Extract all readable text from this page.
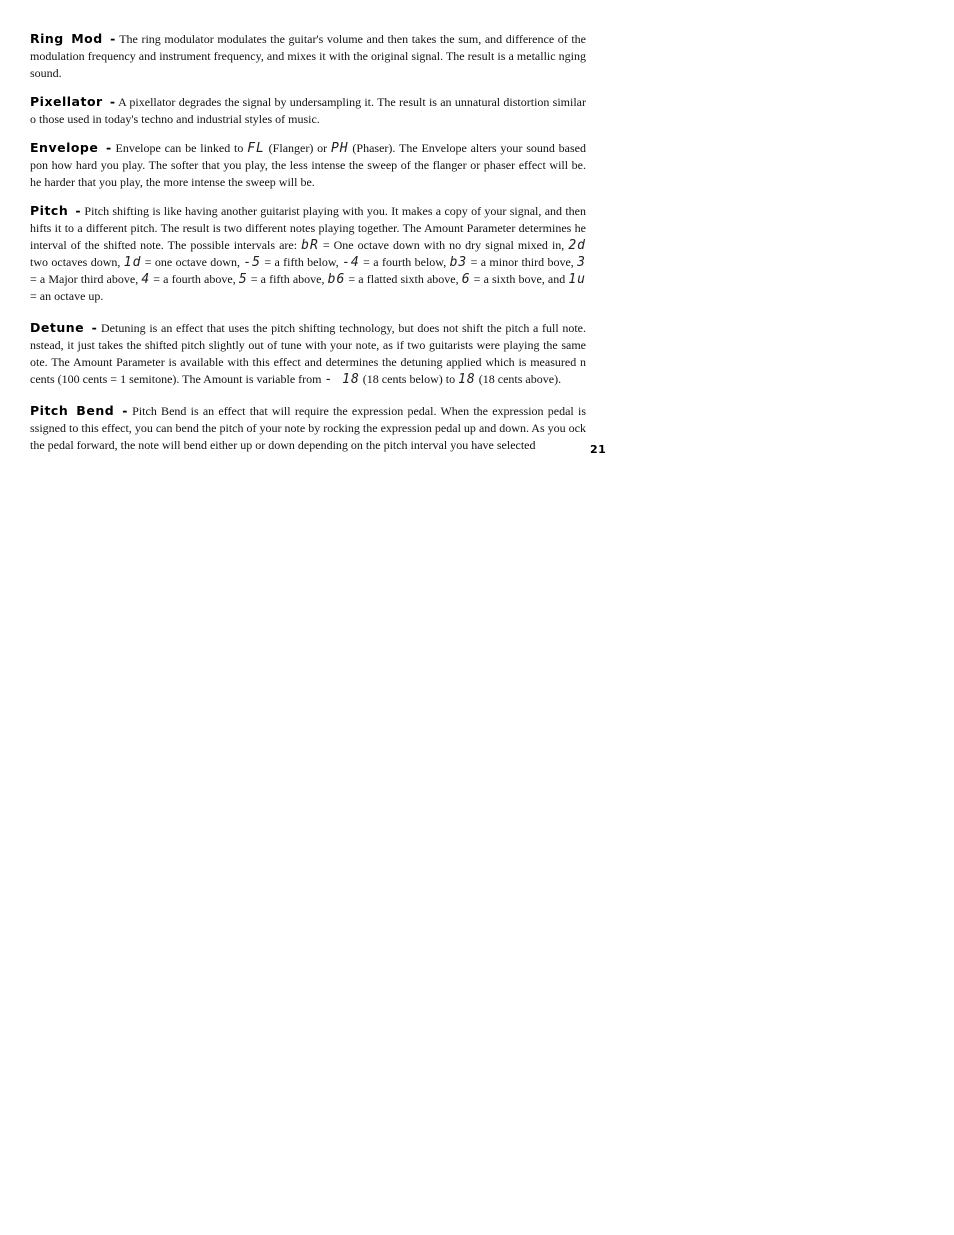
Ring Mod - The ring modulator modulates the guitar's volume and then takes the sum, and difference of the modulation frequency and instrument frequency, and mixes it with the original signal. The result is a metallic nging sound.

Pixellator - A pixellator degrades the signal by undersampling it. The result is an unnatural distortion similar o those used in today's techno and industrial styles of music.

Envelope - Envelope can be linked to FL (Flanger) or PH (Phaser). The Envelope alters your sound based pon how hard you play. The softer that you play, the less intense the sweep of the flanger or phaser effect will be. he harder that you play, the more intense the sweep will be.

Pitch - Pitch shifting is like having another guitarist playing with you. It makes a copy of your signal, and then hifts it to a different pitch. The result is two different notes playing together. The Amount Parameter determines he interval of the shifted note. The possible intervals are: bR = One octave down with no dry signal mixed in, 2d two octaves down, 1d = one octave down, -5 = a fifth below, -4 = a fourth below, b3 = a minor third bove, 3 = a Major third above, 4 = a fourth above, 5 = a fifth above, b6 = a flatted sixth above, 6 = a sixth bove, and 1u = an octave up.

Detune - Detuning is an effect that uses the pitch shifting technology, but does not shift the pitch a full note. nstead, it just takes the shifted pitch slightly out of tune with your note, as if two guitarists were playing the same ote. The Amount Parameter is available with this effect and determines the detuning applied which is measured n cents (100 cents = 1 semitone). The Amount is variable from - 18 (18 cents below) to 18 (18 cents above).

Pitch Bend - Pitch Bend is an effect that will require the expression pedal. When the expression pedal is ssigned to this effect, you can bend the pitch of your note by rocking the expression pedal up and down. As you ock the pedal forward, the note will bend either up or down depending on the pitch interval you have selected	21
